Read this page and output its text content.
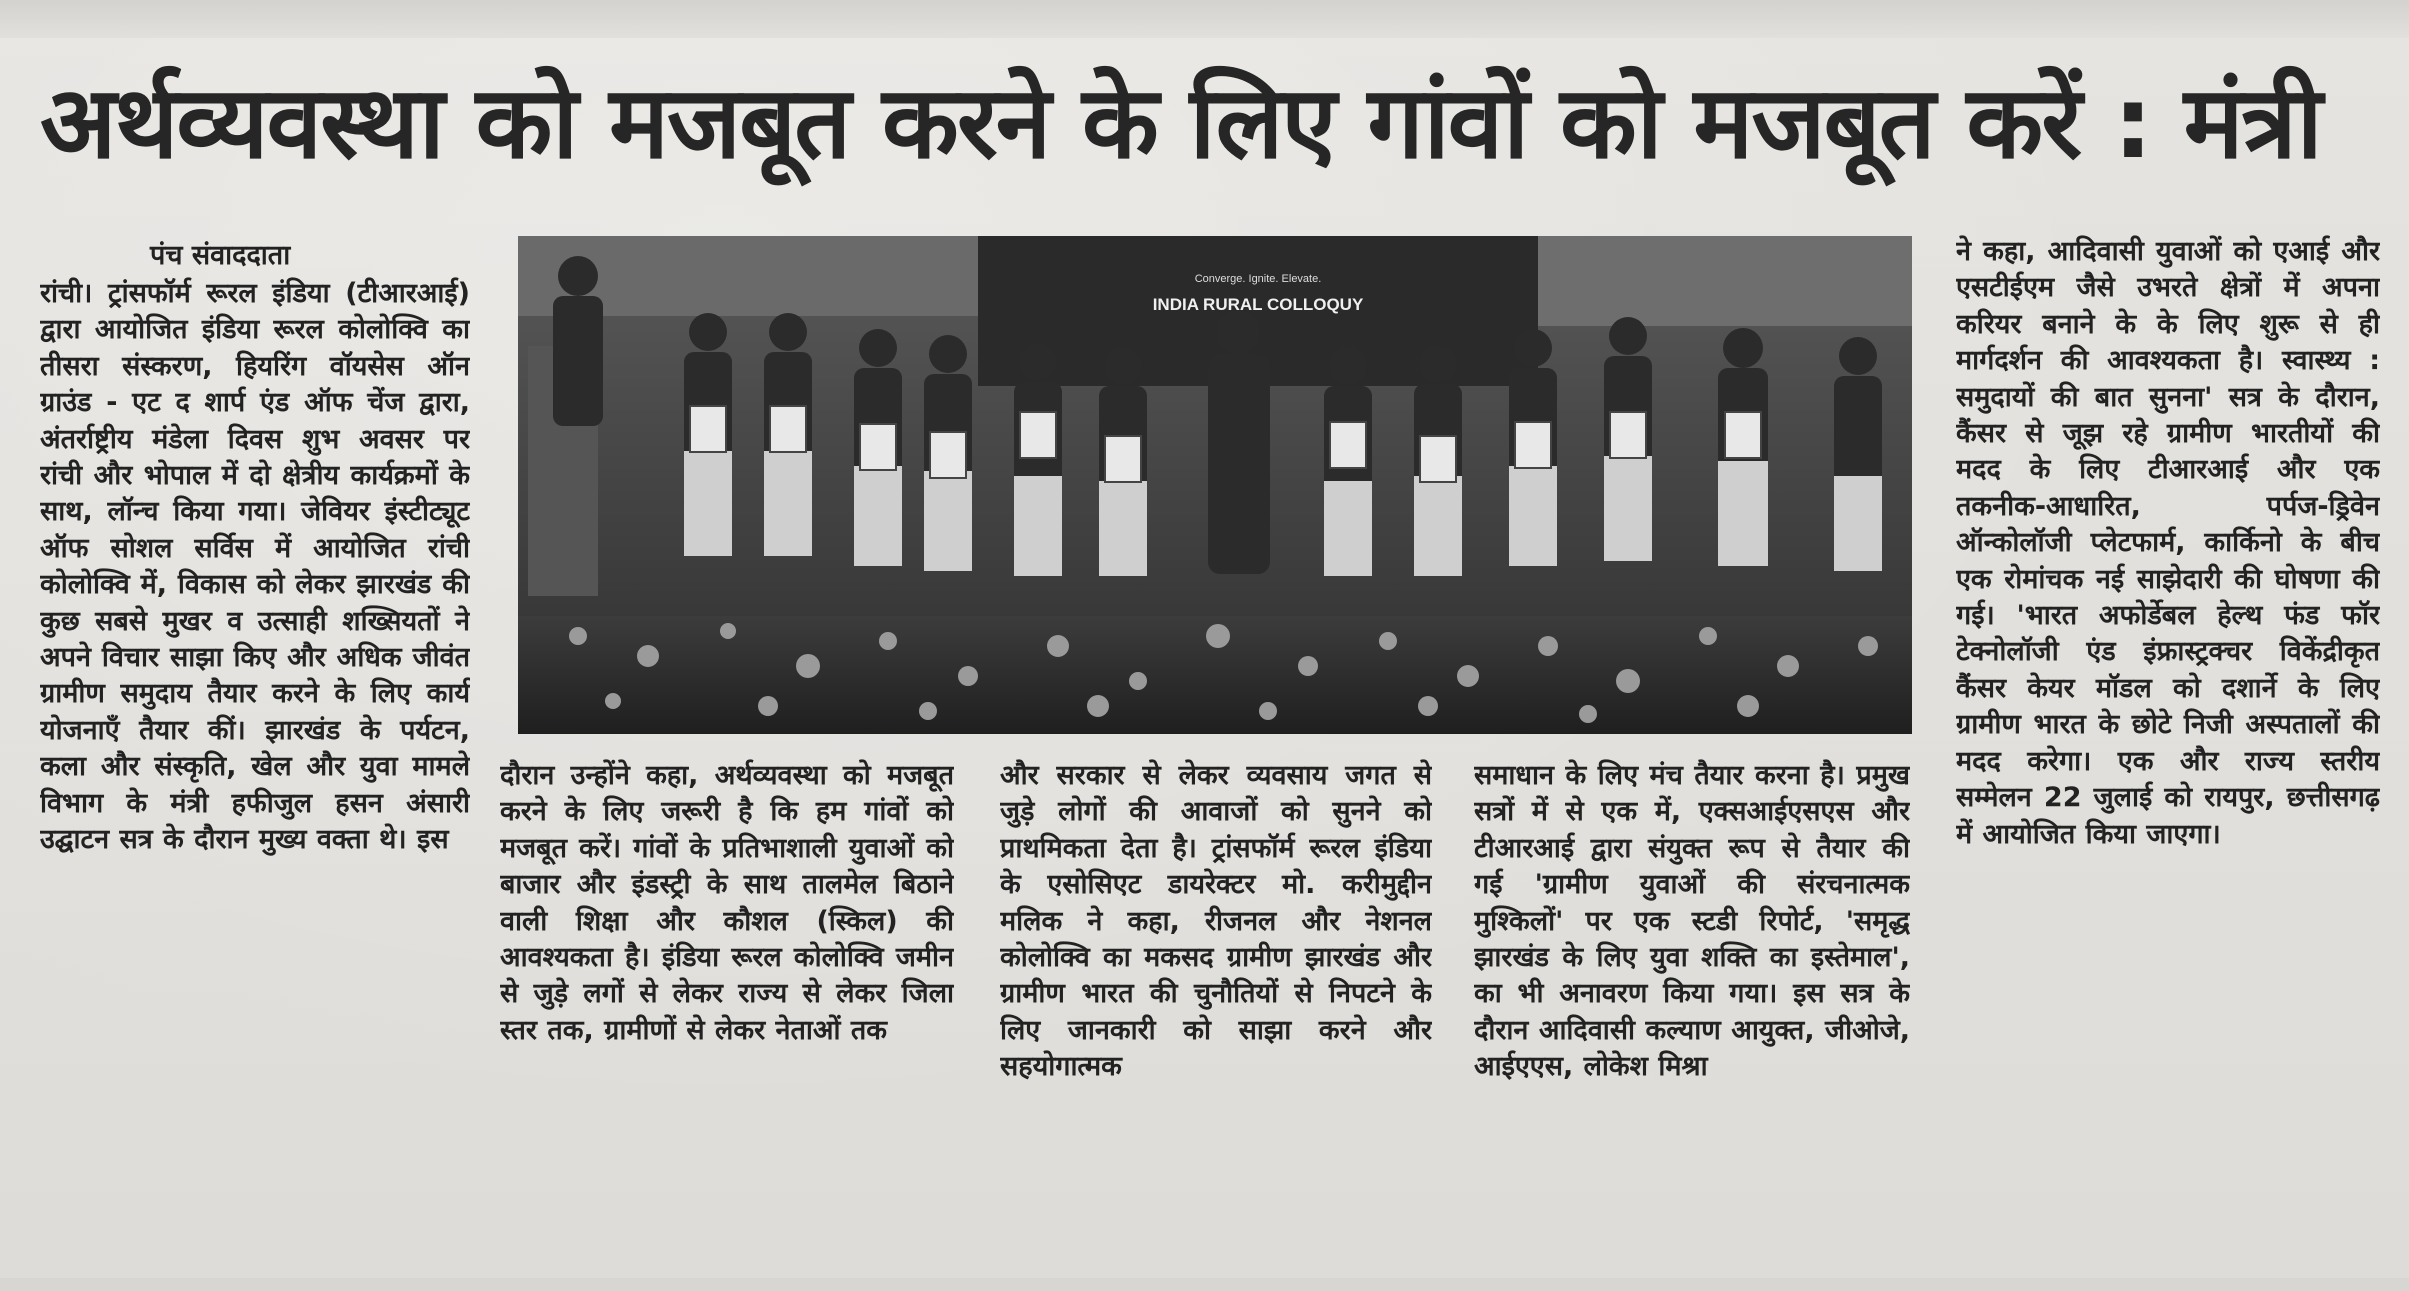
अर्थव्यवस्था को मजबूत करने के लिए गांवों को मजबूत करें : मंत्री
पंच संवाददाता
रांची। ट्रांसफॉर्म रूरल इंडिया (टीआरआई) द्वारा आयोजित इंडिया रूरल कोलोक्वि का तीसरा संस्करण, हियरिंग वॉयसेस ऑन ग्राउंड - एट द शार्प एंड ऑफ चेंज द्वारा, अंतर्राष्ट्रीय मंडेला दिवस शुभ अवसर पर रांची और भोपाल में दो क्षेत्रीय कार्यक्रमों के साथ, लॉन्च किया गया। जेवियर इंस्टीट्यूट ऑफ सोशल सर्विस में आयोजित रांची कोलोक्वि में, विकास को लेकर झारखंड की कुछ सबसे मुखर व उत्साही शख्सियतों ने अपने विचार साझा किए और अधिक जीवंत ग्रामीण समुदाय तैयार करने के लिए कार्य योजनाएँ तैयार कीं। झारखंड के पर्यटन, कला और संस्कृति, खेल और युवा मामले विभाग के मंत्री हफीजुल हसन अंसारी उद्घाटन सत्र के दौरान मुख्य वक्ता थे। इस
Converge. Ignite. Elevate.
INDIA RURAL COLLOQUY
दौरान उन्होंने कहा, अर्थव्यवस्था को मजबूत करने के लिए जरूरी है कि हम गांवों को मजबूत करें। गांवों के प्रतिभाशाली युवाओं को बाजार और इंडस्ट्री के साथ तालमेल बिठाने वाली शिक्षा और कौशल (स्किल) की आवश्यकता है। इंडिया रूरल कोलोक्वि जमीन से जुड़े लगों से लेकर राज्य से लेकर जिला स्तर तक, ग्रामीणों से लेकर नेताओं तक
और सरकार से लेकर व्यवसाय जगत से जुड़े लोगों की आवाजों को सुनने को प्राथमिकता देता है। ट्रांसफॉर्म रूरल इंडिया के एसोसिएट डायरेक्टर मो. करीमुद्दीन मलिक ने कहा, रीजनल और नेशनल कोलोक्वि का मकसद ग्रामीण झारखंड और ग्रामीण भारत की चुनौतियों से निपटने के लिए जानकारी को साझा करने और सहयोगात्मक
समाधान के लिए मंच तैयार करना है। प्रमुख सत्रों में से एक में, एक्सआईएसएस और टीआरआई द्वारा संयुक्त रूप से तैयार की गई 'ग्रामीण युवाओं की संरचनात्मक मुश्किलों' पर एक स्टडी रिपोर्ट, 'समृद्ध झारखंड के लिए युवा शक्ति का इस्तेमाल', का भी अनावरण किया गया। इस सत्र के दौरान आदिवासी कल्याण आयुक्त, जीओजे, आईएएस, लोकेश मिश्रा
ने कहा, आदिवासी युवाओं को एआई और एसटीईएम जैसे उभरते क्षेत्रों में अपना करियर बनाने के के लिए शुरू से ही मार्गदर्शन की आवश्यकता है। स्वास्थ्य : समुदायों की बात सुनना' सत्र के दौरान, कैंसर से जूझ रहे ग्रामीण भारतीयों की मदद के लिए टीआरआई और एक तकनीक-आधारित, पर्पज-ड्रिवेन ऑन्कोलॉजी प्लेटफार्म, कार्किनो के बीच एक रोमांचक नई साझेदारी की घोषणा की गई। 'भारत अफोर्डेबल हेल्थ फंड फॉर टेक्नोलॉजी एंड इंफ्रास्ट्रक्चर विकेंद्रीकृत कैंसर केयर मॉडल को दशार्ने के लिए ग्रामीण भारत के छोटे निजी अस्पतालों की मदद करेगा। एक और राज्य स्तरीय सम्मेलन 22 जुलाई को रायपुर, छत्तीसगढ़ में आयोजित किया जाएगा।
